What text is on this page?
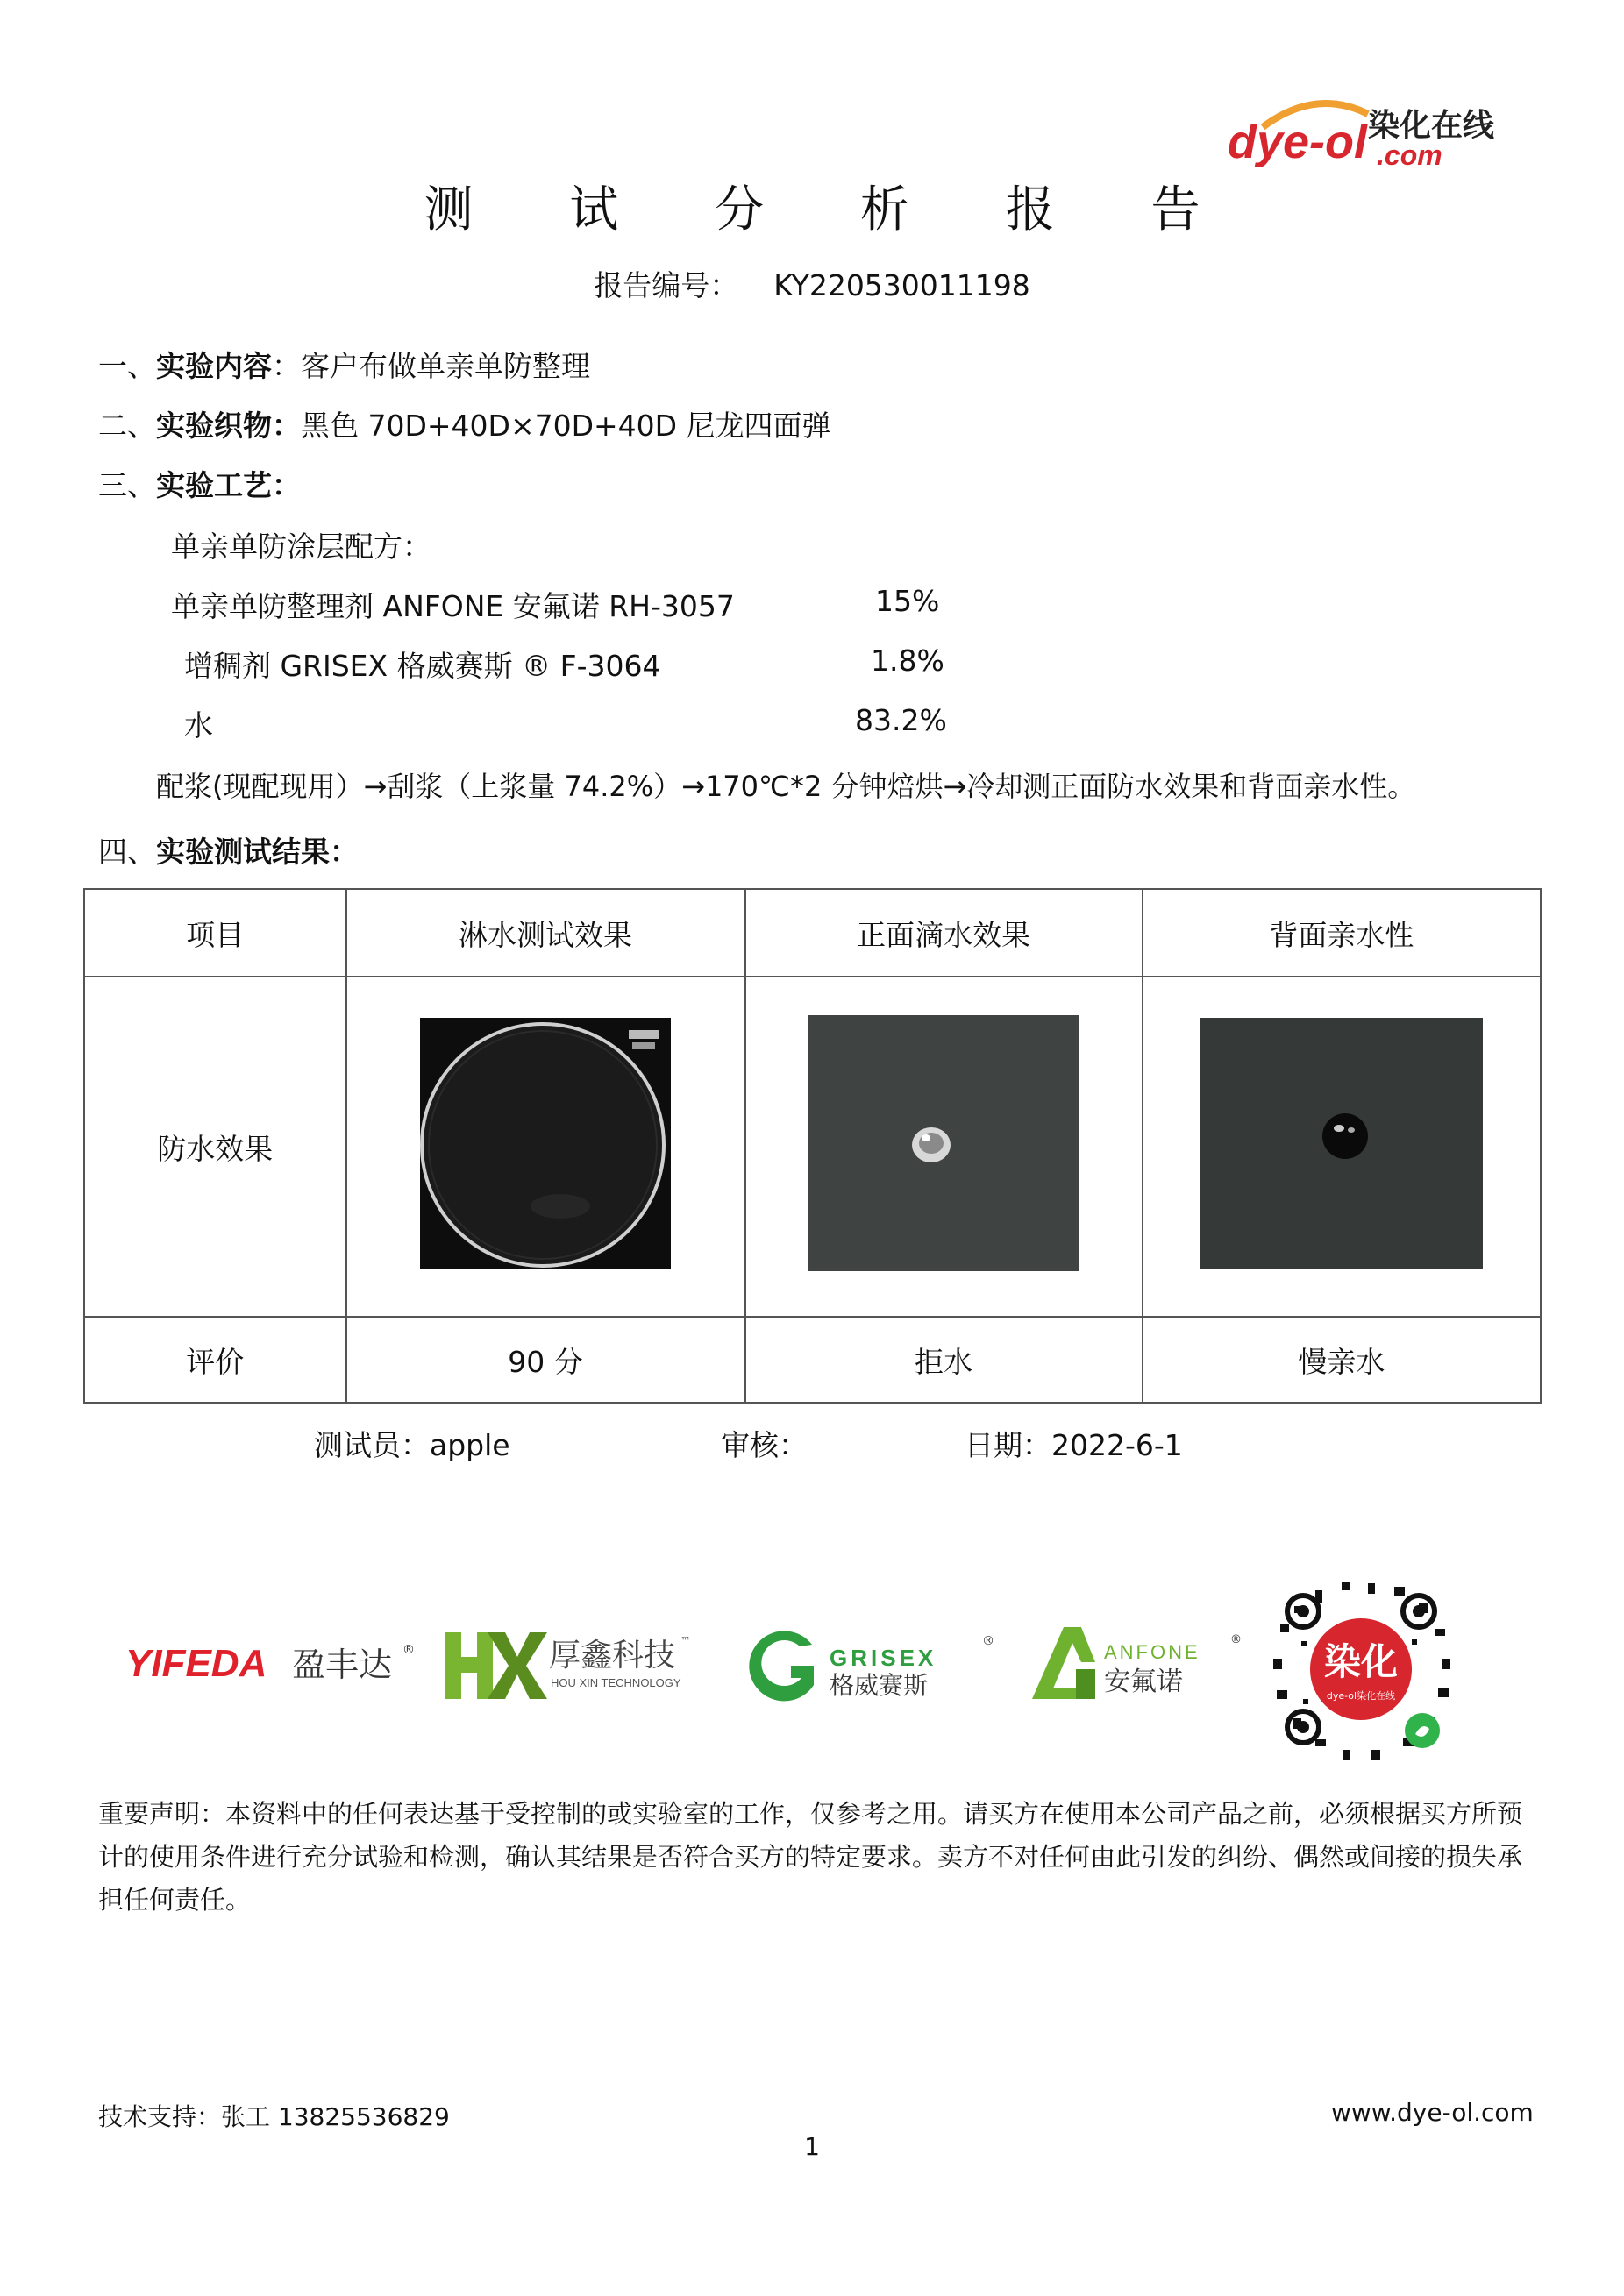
dye-ol 染化在线
.com
测 试 分 析 报 告
报告编号： KY220530011198
一、实验内容：客户布做单亲单防整理
二、实验织物：黑色 70D+40D×70D+40D 尼龙四面弹
三、实验工艺：
单亲单防涂层配方：
单亲单防整理剂 ANFONE 安氟诺 RH-3057	15%
增稠剂 GRISEX 格威赛斯 ® F-3064	1.8%
水	83.2%
配浆(现配现用）→刮浆（上浆量 74.2%）→170℃*2 分钟焙烘→冷却测正面防水效果和背面亲水性。
四、实验测试结果：
项目	淋水测试效果	正面滴水效果	背面亲水性
防水效果			
评价	90 分	拒水	慢亲水
测试员：apple	审核：	日期：2022-6-1
YIFEDA 盈丰达 ®	厚鑫科技
HOU XIN TECHNOLOGY
™
GRISEX
格威赛斯
®	ANFONE
安氟诺
®
染化
dye-ol染化在线
重要声明：本资料中的任何表达基于受控制的或实验室的工作，仅参考之用。请买方在使用本公司产品之前，必须根据买方所预计的使用条件进行充分试验和检测，确认其结果是否符合买方的特定要求。卖方不对任何由此引发的纠纷、偶然或间接的损失承担任何责任。
技术支持：张工 13825536829	www.dye-ol.com
1
